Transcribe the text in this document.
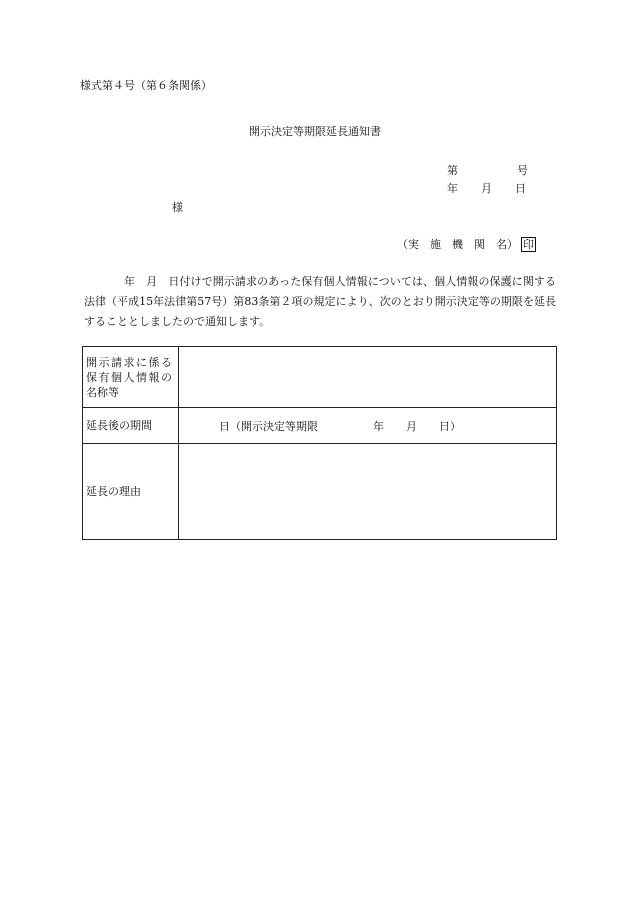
様式第４号（第６条関係）
開示決定等期限延長通知書
第	号
年 月 日
様
（実　施　機　関　名） 印
年　月　日付けで開示請求のあった保有個人情報については、個人情報の保護に関する法律（平成15年法律第57号）第83条第２項の規定により、次のとおり開示決定等の期限を延長することとしましたので通知します。
開示請求に係る
保有個人情報の
名称等	

延長後の期間	日（開示決定等期限　　　　　年　　月　　日）
延長の理由	
